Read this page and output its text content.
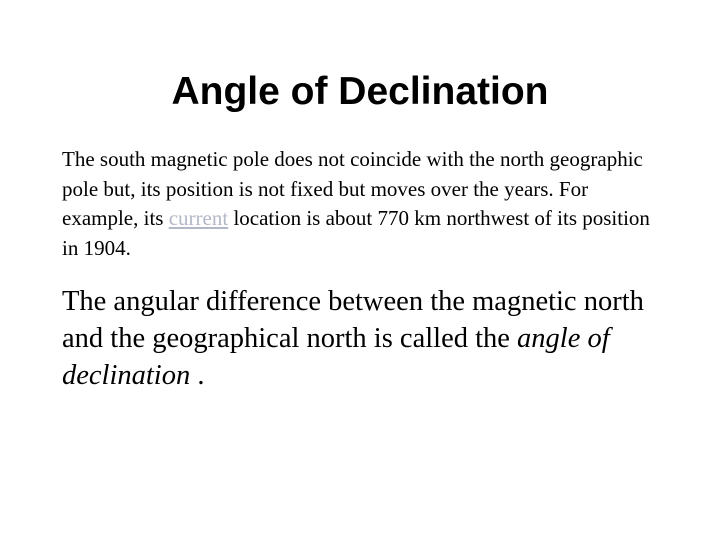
Angle of Declination
The south magnetic pole does not coincide with the north geographic pole but, its position is not fixed but moves over the years. For example, its current location is about 770 km northwest of its position in 1904.
The angular difference between the magnetic north and the geographical north is called the angle of declination .
